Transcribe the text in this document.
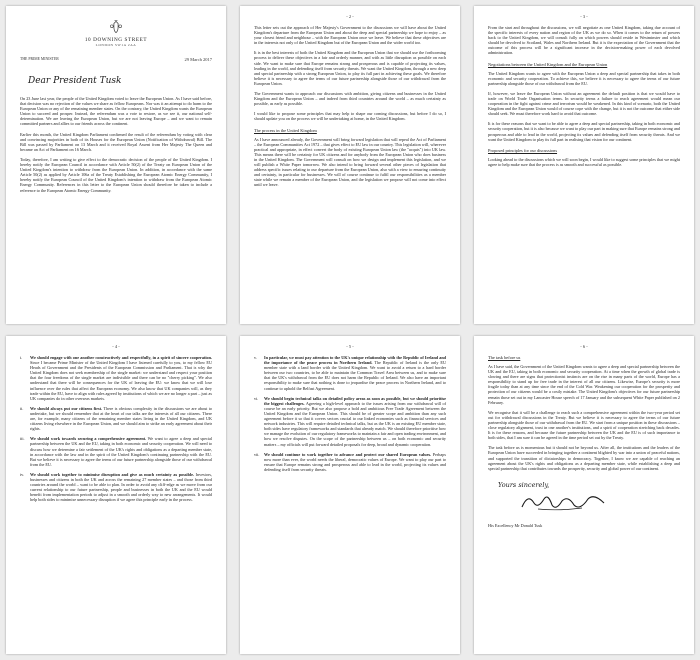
10 DOWNING STREET
LONDON SW1A 2AA
THE PRIME MINISTER	29 March 2017
Dear President Tusk

On 23 June last year, the people of the United Kingdom voted to leave the European Union. As I have said before, that decision was no rejection of the values we share as fellow Europeans. Nor was it an attempt to do harm to the European Union or any of the remaining member states. On the contrary, the United Kingdom wants the European Union to succeed and prosper. Instead, the referendum was a vote to restore, as we see it, our national self-determination. We are leaving the European Union, but we are not leaving Europe – and we want to remain committed partners and allies to our friends across the continent.

Earlier this month, the United Kingdom Parliament confirmed the result of the referendum by voting with clear and convincing majorities in both of its Houses for the European Union (Notification of Withdrawal) Bill. The Bill was passed by Parliament on 13 March and it received Royal Assent from Her Majesty The Queen and became an Act of Parliament on 16 March.

Today, therefore, I am writing to give effect to the democratic decision of the people of the United Kingdom. I hereby notify the European Council in accordance with Article 50(2) of the Treaty on European Union of the United Kingdom's intention to withdraw from the European Union. In addition, in accordance with the same Article 50(2) as applied by Article 106a of the Treaty Establishing the European Atomic Energy Community, I hereby notify the European Council of the United Kingdom's intention to withdraw from the European Atomic Energy Community. References in this letter to the European Union should therefore be taken to include a reference to the European Atomic Energy Community.

- 2 -

This letter sets out the approach of Her Majesty's Government to the discussions we will have about the United Kingdom's departure from the European Union and about the deep and special partnership we hope to enjoy – as your closest friend and neighbour – with the European Union once we leave. We believe that these objectives are in the interests not only of the United Kingdom but of the European Union and the wider world too.

It is in the best interests of both the United Kingdom and the European Union that we should use the forthcoming process to deliver these objectives in a fair and orderly manner, and with as little disruption as possible on each side. We want to make sure that Europe remains strong and prosperous and is capable of projecting its values, leading in the world, and defending itself from security threats. We want the United Kingdom, through a new deep and special partnership with a strong European Union, to play its full part in achieving these goals. We therefore believe it is necessary to agree the terms of our future partnership alongside those of our withdrawal from the European Union.

The Government wants to approach our discussions with ambition, giving citizens and businesses in the United Kingdom and the European Union – and indeed from third countries around the world – as much certainty as possible, as early as possible.

I would like to propose some principles that may help to shape our coming discussions, but before I do so, I should update you on the process we will be undertaking at home, in the United Kingdom.

The process in the United Kingdom

As I have announced already, the Government will bring forward legislation that will repeal the Act of Parliament – the European Communities Act 1972 – that gives effect to EU law in our country. This legislation will, wherever practical and appropriate, in effect convert the body of existing European Union law (the "acquis") into UK law. This means there will be certainty for UK citizens and for anybody from the European Union who does business in the United Kingdom. The Government will consult on how we design and implement this legislation, and we will publish a White Paper tomorrow. We also intend to bring forward several other pieces of legislation that address specific issues relating to our departure from the European Union, also with a view to ensuring continuity and certainty, in particular for businesses. We will of course continue to fulfil our responsibilities as a member state while we remain a member of the European Union, and the legislation we propose will not come into effect until we leave.

- 3 -

From the start and throughout the discussions, we will negotiate as one United Kingdom, taking due account of the specific interests of every nation and region of the UK as we do so. When it comes to the return of powers back to the United Kingdom, we will consult fully on which powers should reside in Westminster and which should be devolved to Scotland, Wales and Northern Ireland. But it is the expectation of the Government that the outcome of this process will be a significant increase in the decision-making power of each devolved administration.

Negotiations between the United Kingdom and the European Union

The United Kingdom wants to agree with the European Union a deep and special partnership that takes in both economic and security cooperation. To achieve this, we believe it is necessary to agree the terms of our future partnership alongside those of our withdrawal from the EU.

If, however, we leave the European Union without an agreement the default position is that we would have to trade on World Trade Organisation terms. In security terms a failure to reach agreement would mean our cooperation in the fight against crime and terrorism would be weakened. In this kind of scenario, both the United Kingdom and the European Union would of course cope with the change, but it is not the outcome that either side should seek. We must therefore work hard to avoid that outcome.

It is for these reasons that we want to be able to agree a deep and special partnership, taking in both economic and security cooperation, but it is also because we want to play our part in making sure that Europe remains strong and prosperous and able to lead in the world, projecting its values and defending itself from security threats. And we want the United Kingdom to play its full part in realising that vision for our continent.

Proposed principles for our discussions

Looking ahead to the discussions which we will soon begin, I would like to suggest some principles that we might agree to help make sure that the process is as smooth and successful as possible.

- 4 -
i.	We should engage with one another constructively and respectfully, in a spirit of sincere cooperation. Since I became Prime Minister of the United Kingdom I have listened carefully to you, to my fellow EU Heads of Government and the Presidents of the European Commission and Parliament. That is why the United Kingdom does not seek membership of the single market: we understand and respect your position that the four freedoms of the single market are indivisible and there can be no "cherry picking". We also understand that there will be consequences for the UK of leaving the EU: we know that we will lose influence over the rules that affect the European economy. We also know that UK companies will, as they trade within the EU, have to align with rules agreed by institutions of which we are no longer a part – just as UK companies do in other overseas markets.
ii.	We should always put our citizens first. There is obvious complexity in the discussions we are about to undertake, but we should remember that at the heart of our talks are the interests of all our citizens. There are, for example, many citizens of the remaining member states living in the United Kingdom, and UK citizens living elsewhere in the European Union, and we should aim to strike an early agreement about their rights.
iii.	We should work towards securing a comprehensive agreement. We want to agree a deep and special partnership between the UK and the EU, taking in both economic and security cooperation. We will need to discuss how we determine a fair settlement of the UK's rights and obligations as a departing member state, in accordance with the law and in the spirit of the United Kingdom's continuing partnership with the EU. But we believe it is necessary to agree the terms of our future partnership alongside those of our withdrawal from the EU.
iv.	We should work together to minimise disruption and give as much certainty as possible. Investors, businesses and citizens in both the UK and across the remaining 27 member states – and those from third countries around the world – want to be able to plan. In order to avoid any cliff-edge as we move from our current relationship to our future partnership, people and businesses in both the UK and the EU would benefit from implementation periods to adjust in a smooth and orderly way to new arrangements. It would help both sides to minimise unnecessary disruption if we agree this principle early in the process.
- 5 -
v.	In particular, we must pay attention to the UK's unique relationship with the Republic of Ireland and the importance of the peace process in Northern Ireland. The Republic of Ireland is the only EU member state with a land border with the United Kingdom. We want to avoid a return to a hard border between our two countries, to be able to maintain the Common Travel Area between us, and to make sure that the UK's withdrawal from the EU does not harm the Republic of Ireland. We also have an important responsibility to make sure that nothing is done to jeopardise the peace process in Northern Ireland, and to continue to uphold the Belfast Agreement.
vi.	We should begin technical talks on detailed policy areas as soon as possible, but we should prioritise the biggest challenges. Agreeing a high-level approach to the issues arising from our withdrawal will of course be an early priority. But we also propose a bold and ambitious Free Trade Agreement between the United Kingdom and the European Union. This should be of greater scope and ambition than any such agreement before it so that it covers sectors crucial to our linked economies such as financial services and network industries. This will require detailed technical talks, but as the UK is an existing EU member state, both sides have regulatory frameworks and standards that already match. We should therefore prioritise how we manage the evolution of our regulatory frameworks to maintain a fair and open trading environment, and how we resolve disputes. On the scope of the partnership between us – on both economic and security matters – my officials will put forward detailed proposals for deep, broad and dynamic cooperation.
vii.	We should continue to work together to advance and protect our shared European values. Perhaps now more than ever, the world needs the liberal, democratic values of Europe. We want to play our part to ensure that Europe remains strong and prosperous and able to lead in the world, projecting its values and defending itself from security threats.
- 6 -
The task before us

As I have said, the Government of the United Kingdom wants to agree a deep and special partnership between the UK and the EU, taking in both economic and security cooperation. At a time when the growth of global trade is slowing and there are signs that protectionist instincts are on the rise in many parts of the world, Europe has a responsibility to stand up for free trade in the interest of all our citizens. Likewise, Europe's security is more fragile today than at any time since the end of the Cold War. Weakening our cooperation for the prosperity and protection of our citizens would be a costly mistake. The United Kingdom's objectives for our future partnership remain those set out in my Lancaster House speech of 17 January and the subsequent White Paper published on 2 February.

We recognise that it will be a challenge to reach such a comprehensive agreement within the two-year period set out for withdrawal discussions in the Treaty. But we believe it is necessary to agree the terms of our future partnership alongside those of our withdrawal from the EU. We start from a unique position in these discussions – close regulatory alignment, trust in one another's institutions, and a spirit of cooperation stretching back decades. It is for these reasons, and because the future partnership between the UK and the EU is of such importance to both sides, that I am sure it can be agreed in the time period set out by the Treaty.

The task before us is momentous but it should not be beyond us. After all, the institutions and the leaders of the European Union have succeeded in bringing together a continent blighted by war into a union of peaceful nations, and supported the transition of dictatorships to democracy. Together, I know we are capable of reaching an agreement about the UK's rights and obligations as a departing member state, while establishing a deep and special partnership that contributes towards the prosperity, security and global power of our continent.

Yours sincerely,
His Excellency Mr Donald Tusk
